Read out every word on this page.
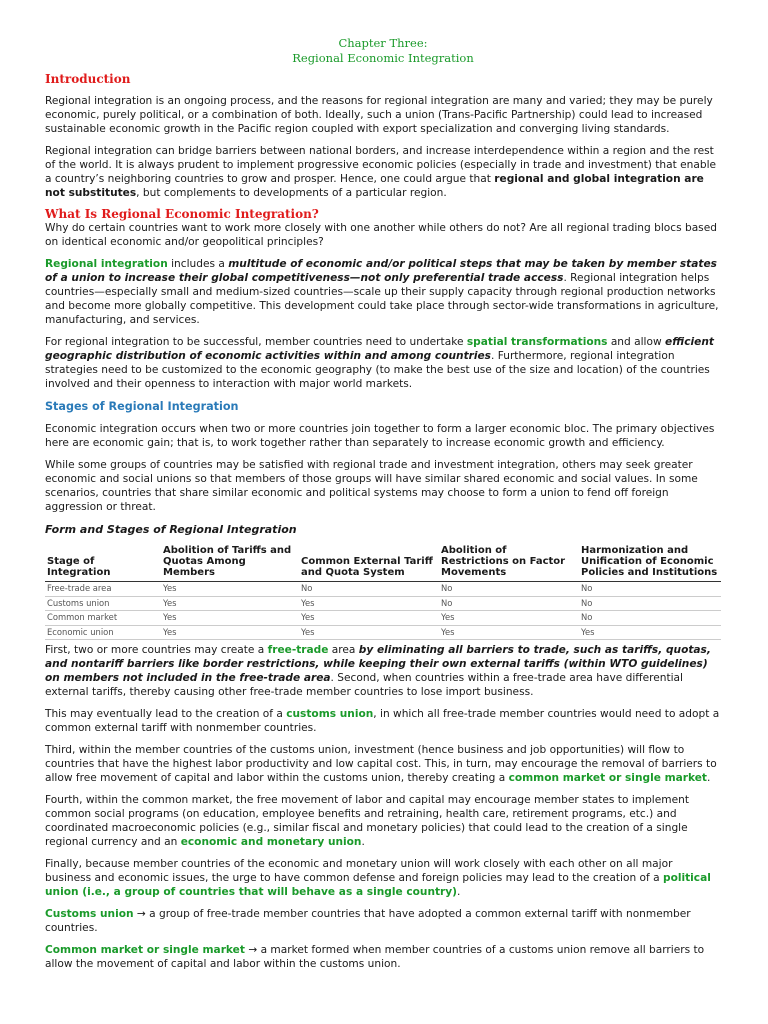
Chapter Three:
Regional Economic Integration
Introduction

Regional integration is an ongoing process, and the reasons for regional integration are many and varied; they may be purely economic, purely political, or a combination of both. Ideally, such a union (Trans-Pacific Partnership) could lead to increased sustainable economic growth in the Pacific region coupled with export specialization and converging living standards.

Regional integration can bridge barriers between national borders, and increase interdependence within a region and the rest of the world. It is always prudent to implement progressive economic policies (especially in trade and investment) that enable a country’s neighboring countries to grow and prosper. Hence, one could argue that regional and global integration are not substitutes, but complements to developments of a particular region.

What Is Regional Economic Integration?

Why do certain countries want to work more closely with one another while others do not? Are all regional trading blocs based on identical economic and/or geopolitical principles?

Regional integration includes a multitude of economic and/or political steps that may be taken by member states of a union to increase their global competitiveness—not only preferential trade access. Regional integration helps countries—especially small and medium-sized countries—scale up their supply capacity through regional production networks and become more globally competitive. This development could take place through sector-wide transformations in agriculture, manufacturing, and services.

For regional integration to be successful, member countries need to undertake spatial transformations and allow efficient geographic distribution of economic activities within and among countries. Furthermore, regional integration strategies need to be customized to the economic geography (to make the best use of the size and location) of the countries involved and their openness to interaction with major world markets.

Stages of Regional Integration

Economic integration occurs when two or more countries join together to form a larger economic bloc. The primary objectives here are economic gain; that is, to work together rather than separately to increase economic growth and efficiency.

While some groups of countries may be satisfied with regional trade and investment integration, others may seek greater economic and social unions so that members of those groups will have similar shared economic and social values. In some scenarios, countries that share similar economic and political systems may choose to form a union to fend off foreign aggression or threat.

Form and Stages of Regional Integration
Stage of Integration	Abolition of Tariffs and Quotas Among Members	Common External Tariff and Quota System	Abolition of Restrictions on Factor Movements	Harmonization and Unification of Economic Policies and Institutions
Free-trade area	Yes	No	No	No
Customs union	Yes	Yes	No	No
Common market	Yes	Yes	Yes	No
Economic union	Yes	Yes	Yes	Yes

First, two or more countries may create a free-trade area by eliminating all barriers to trade, such as tariffs, quotas, and nontariff barriers like border restrictions, while keeping their own external tariffs (within WTO guidelines) on members not included in the free-trade area. Second, when countries within a free-trade area have differential external tariffs, thereby causing other free-trade member countries to lose import business.

This may eventually lead to the creation of a customs union, in which all free-trade member countries would need to adopt a common external tariff with nonmember countries.

Third, within the member countries of the customs union, investment (hence business and job opportunities) will flow to countries that have the highest labor productivity and low capital cost. This, in turn, may encourage the removal of barriers to allow free movement of capital and labor within the customs union, thereby creating a common market or single market.

Fourth, within the common market, the free movement of labor and capital may encourage member states to implement common social programs (on education, employee benefits and retraining, health care, retirement programs, etc.) and coordinated macroeconomic policies (e.g., similar fiscal and monetary policies) that could lead to the creation of a single regional currency and an economic and monetary union.

Finally, because member countries of the economic and monetary union will work closely with each other on all major business and economic issues, the urge to have common defense and foreign policies may lead to the creation of a political union (i.e., a group of countries that will behave as a single country).

Customs union → a group of free-trade member countries that have adopted a common external tariff with nonmember countries.

Common market or single market → a market formed when member countries of a customs union remove all barriers to allow the movement of capital and labor within the customs union.
